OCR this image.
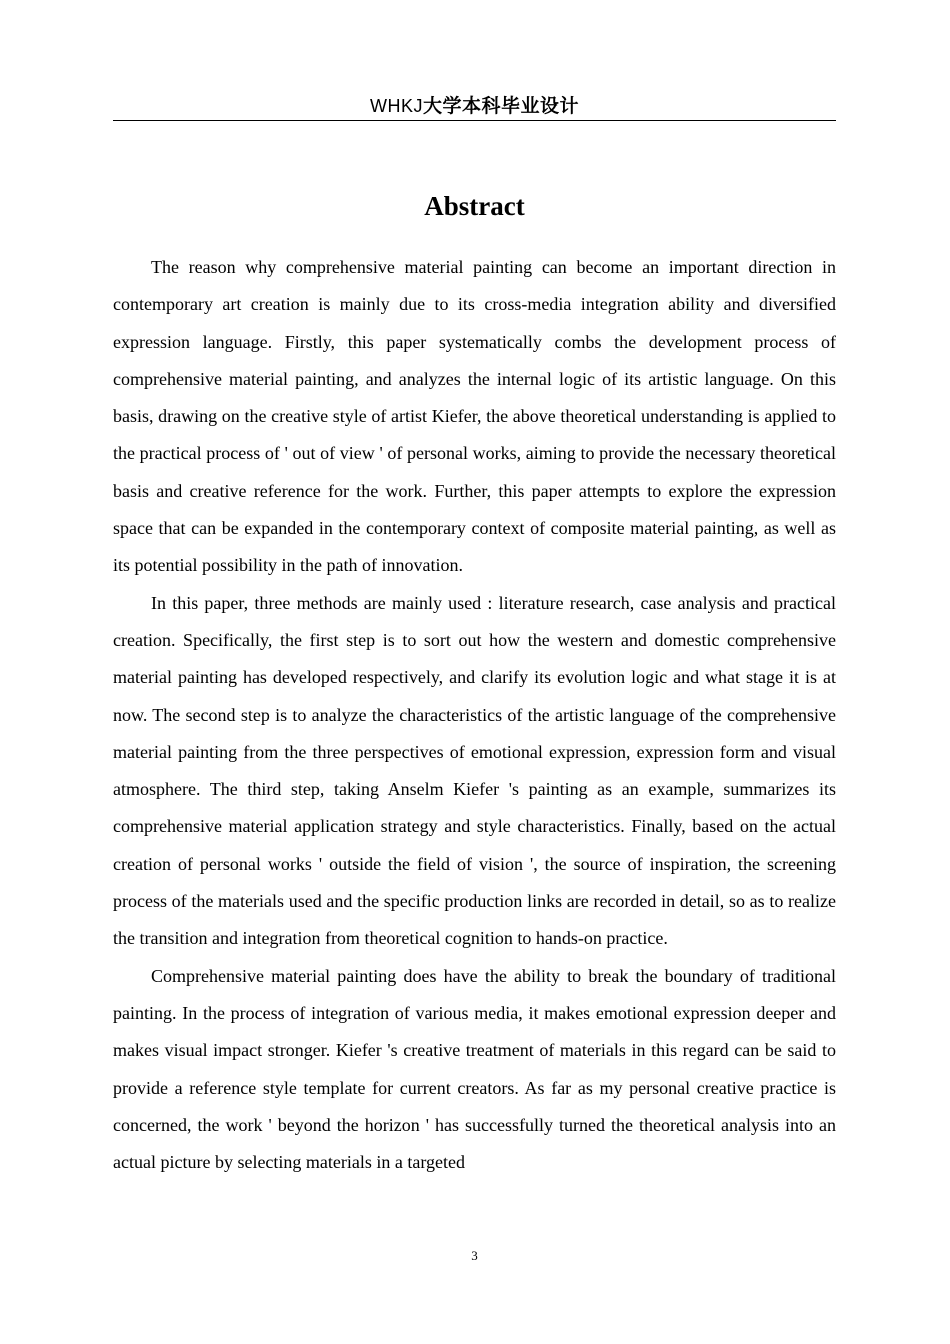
WHKJ大学本科毕业设计
Abstract

The reason why comprehensive material painting can become an important direction in contemporary art creation is mainly due to its cross-media integration ability and diversified expression language. Firstly, this paper systematically combs the development process of comprehensive material painting, and analyzes the internal logic of its artistic language. On this basis, drawing on the creative style of artist Kiefer, the above theoretical understanding is applied to the practical process of ' out of view ' of personal works, aiming to provide the necessary theoretical basis and creative reference for the work. Further, this paper attempts to explore the expression space that can be expanded in the contemporary context of composite material painting, as well as its potential possibility in the path of innovation.

In this paper, three methods are mainly used : literature research, case analysis and practical creation. Specifically, the first step is to sort out how the western and domestic comprehensive material painting has developed respectively, and clarify its evolution logic and what stage it is at now. The second step is to analyze the characteristics of the artistic language of the comprehensive material painting from the three perspectives of emotional expression, expression form and visual atmosphere. The third step, taking Anselm Kiefer 's painting as an example, summarizes its comprehensive material application strategy and style characteristics. Finally, based on the actual creation of personal works ' outside the field of vision ', the source of inspiration, the screening process of the materials used and the specific production links are recorded in detail, so as to realize the transition and integration from theoretical cognition to hands-on practice.

Comprehensive material painting does have the ability to break the boundary of traditional painting. In the process of integration of various media, it makes emotional expression deeper and makes visual impact stronger. Kiefer 's creative treatment of materials in this regard can be said to provide a reference style template for current creators. As far as my personal creative practice is concerned, the work ' beyond the horizon ' has successfully turned the theoretical analysis into an actual picture by selecting materials in a targeted

3
